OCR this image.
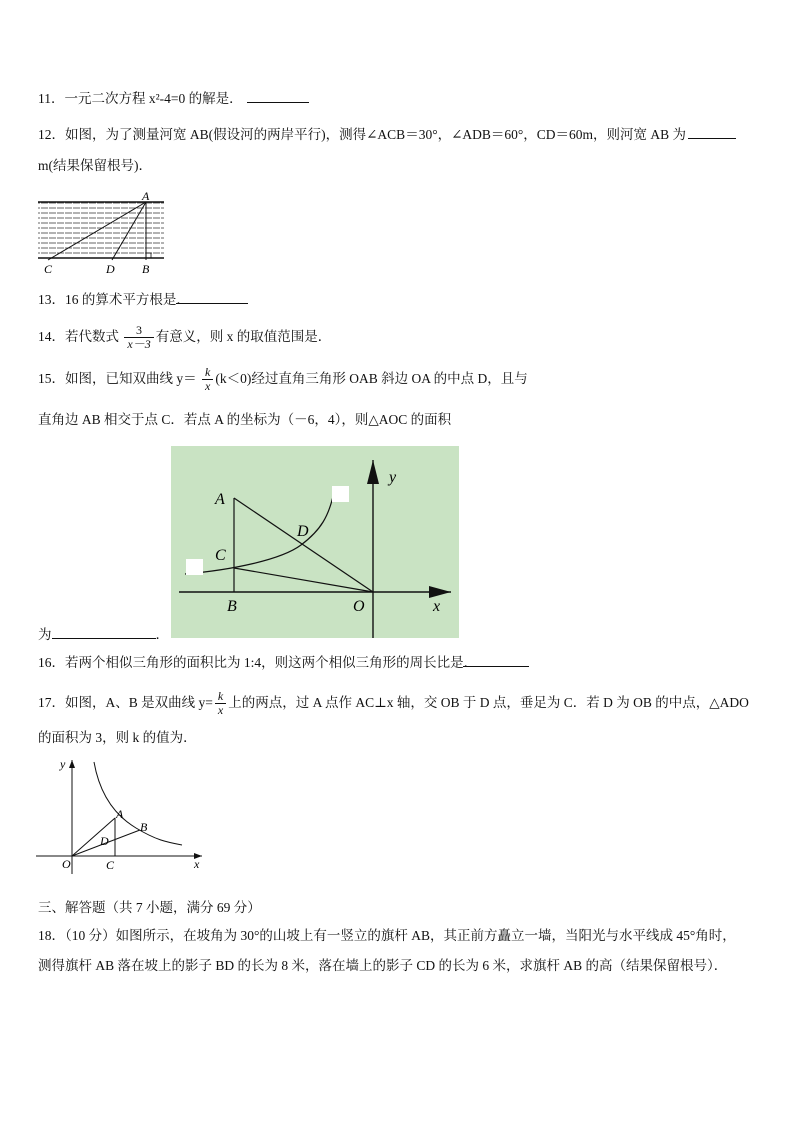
11．一元二次方程 x²-4=0 的解是．
12．如图，为了测量河宽 AB(假设河的两岸平行)，测得∠ACB＝30°，∠ADB＝60°，CD＝60m，则河宽 AB 为
m(结果保留根号)．
A
C	D B
13．16 的算术平方根是．
14．若代数式 $\frac{3}{x-3}$ 有意义，则 x 的取值范围是．
15．如图，已知双曲线 $y= \frac{k}{x} (k<0)$经过直角三角形 OAB 斜边 OA 的中点 D，且与
直角边 AB 相交于点 C．若点 A 的坐标为（－6，4），则△AOC 的面积
为	．
A
C
D
B	O	x
y
16．若两个相似三角形的面积比为 1:4，则这两个相似三角形的周长比是．
17．如图，A、B 是双曲线 $y= \frac{k}{x}$ 上的两点，过 A 点作 AC⊥x 轴，交 OB 于 D 点，垂足为 C．若 D 为 OB 的中点，△ADO
的面积为 3，则 k 的值为．
y
x
A
B
D
O	C
三、解答题（共 7 小题，满分 69 分）
18．（10 分）如图所示，在坡角为 30°的山坡上有一竖立的旗杆 AB，其正前方矗立一墙，当阳光与水平线成 45°角时，
测得旗杆 AB 落在坡上的影子 BD 的长为 8 米，落在墙上的影子 CD 的长为 6 米，求旗杆 AB 的高（结果保留根号）．
